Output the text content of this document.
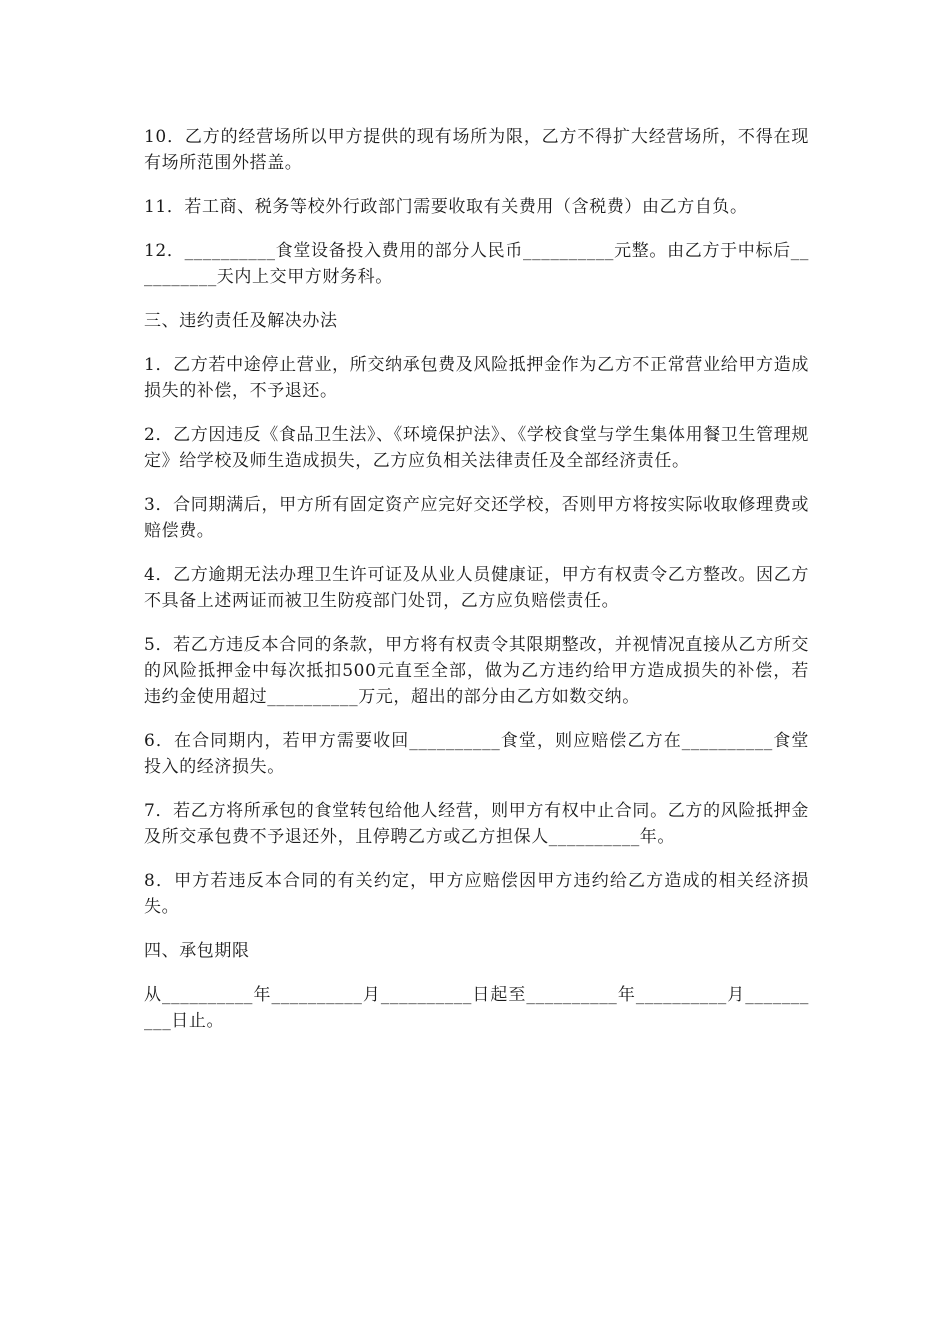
10．乙方的经营场所以甲方提供的现有场所为限，乙方不得扩大经营场所，不得在现有场所范围外搭盖。

11．若工商、税务等校外行政部门需要收取有关费用（含税费）由乙方自负。

12．__________食堂设备投入费用的部分人民币__________元整。由乙方于中标后__________天内上交甲方财务科。

三、违约责任及解决办法

1．乙方若中途停止营业，所交纳承包费及风险抵押金作为乙方不正常营业给甲方造成损失的补偿，不予退还。

2．乙方因违反《食品卫生法》、《环境保护法》、《学校食堂与学生集体用餐卫生管理规定》给学校及师生造成损失，乙方应负相关法律责任及全部经济责任。

3．合同期满后，甲方所有固定资产应完好交还学校，否则甲方将按实际收取修理费或赔偿费。

4．乙方逾期无法办理卫生许可证及从业人员健康证，甲方有权责令乙方整改。因乙方不具备上述两证而被卫生防疫部门处罚，乙方应负赔偿责任。

5．若乙方违反本合同的条款，甲方将有权责令其限期整改，并视情况直接从乙方所交的风险抵押金中每次抵扣500元直至全部，做为乙方违约给甲方造成损失的补偿，若违约金使用超过__________万元，超出的部分由乙方如数交纳。

6．在合同期内，若甲方需要收回__________食堂，则应赔偿乙方在__________食堂投入的经济损失。

7．若乙方将所承包的食堂转包给他人经营，则甲方有权中止合同。乙方的风险抵押金及所交承包费不予退还外，且停聘乙方或乙方担保人__________年。

8．甲方若违反本合同的有关约定，甲方应赔偿因甲方违约给乙方造成的相关经济损失。

四、承包期限

从__________年__________月__________日起至__________年__________月__________日止。
